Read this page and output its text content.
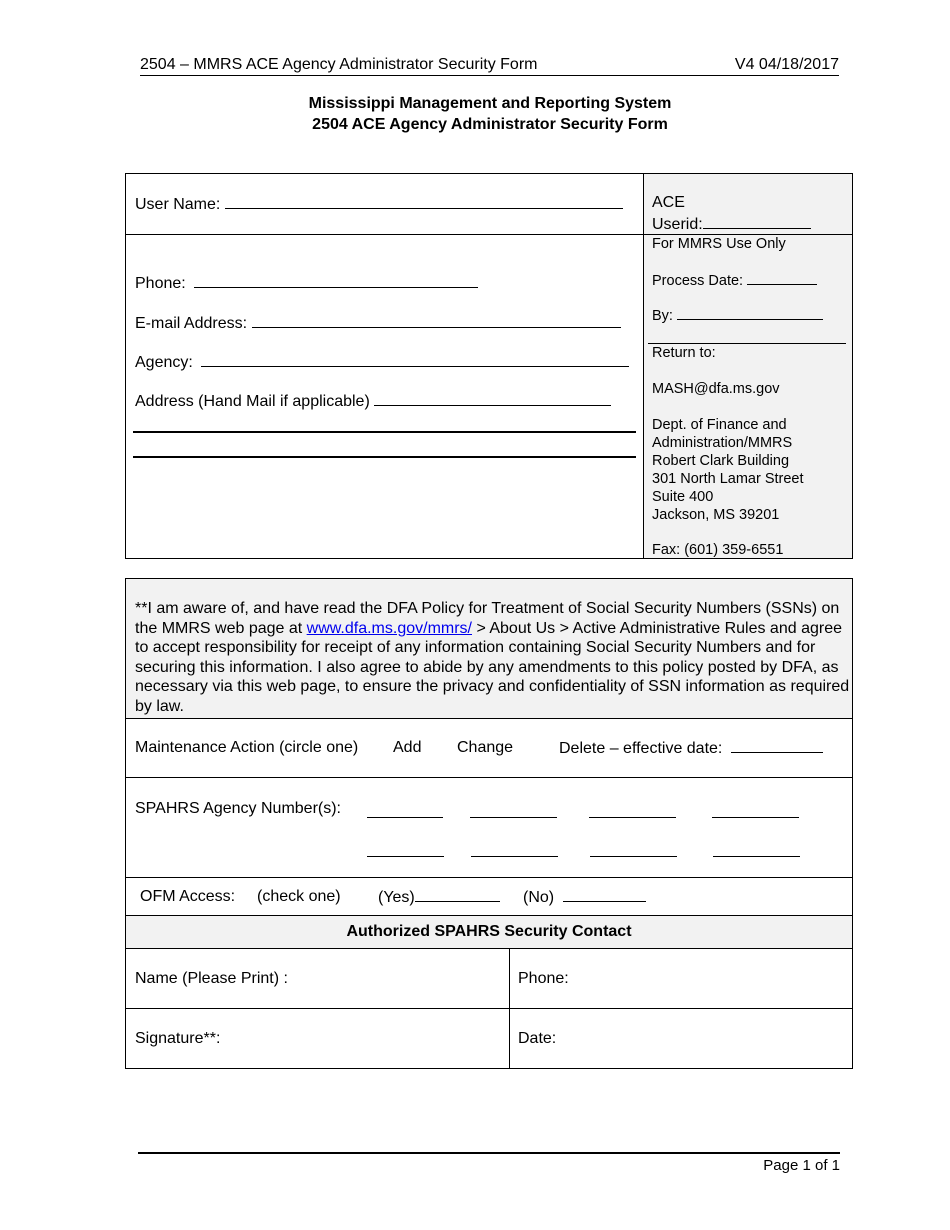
2504 – MMRS ACE Agency Administrator Security Form	V4 04/18/2017
Mississippi Management and Reporting System
2504 ACE Agency Administrator Security Form
User Name:
Phone:
E-mail Address:
Agency:
Address (Hand Mail if applicable)
ACE
Userid:
For MMRS Use Only
Process Date:
By:
Return to:
MASH@dfa.ms.gov
Dept. of Finance and
Administration/MMRS
Robert Clark Building
301 North Lamar Street
Suite 400
Jackson, MS 39201
Fax: (601) 359-6551
**I am aware of, and have read the DFA Policy for Treatment of Social Security Numbers (SSNs) on the MMRS web page at www.dfa.ms.gov/mmrs/ > About Us > Active Administrative Rules and agree to accept responsibility for receipt of any information containing Social Security Numbers and for securing this information. I also agree to abide by any amendments to this policy posted by DFA, as necessary via this web page, to ensure the privacy and confidentiality of SSN information as required by law.
Maintenance Action (circle one) Add Change	Delete – effective date:
SPAHRS Agency Number(s):
OFM Access: (check one) (Yes)	(No)
Authorized SPAHRS Security Contact
Name (Please Print) :	Phone:
Signature**:	Date:
Page 1 of 1
